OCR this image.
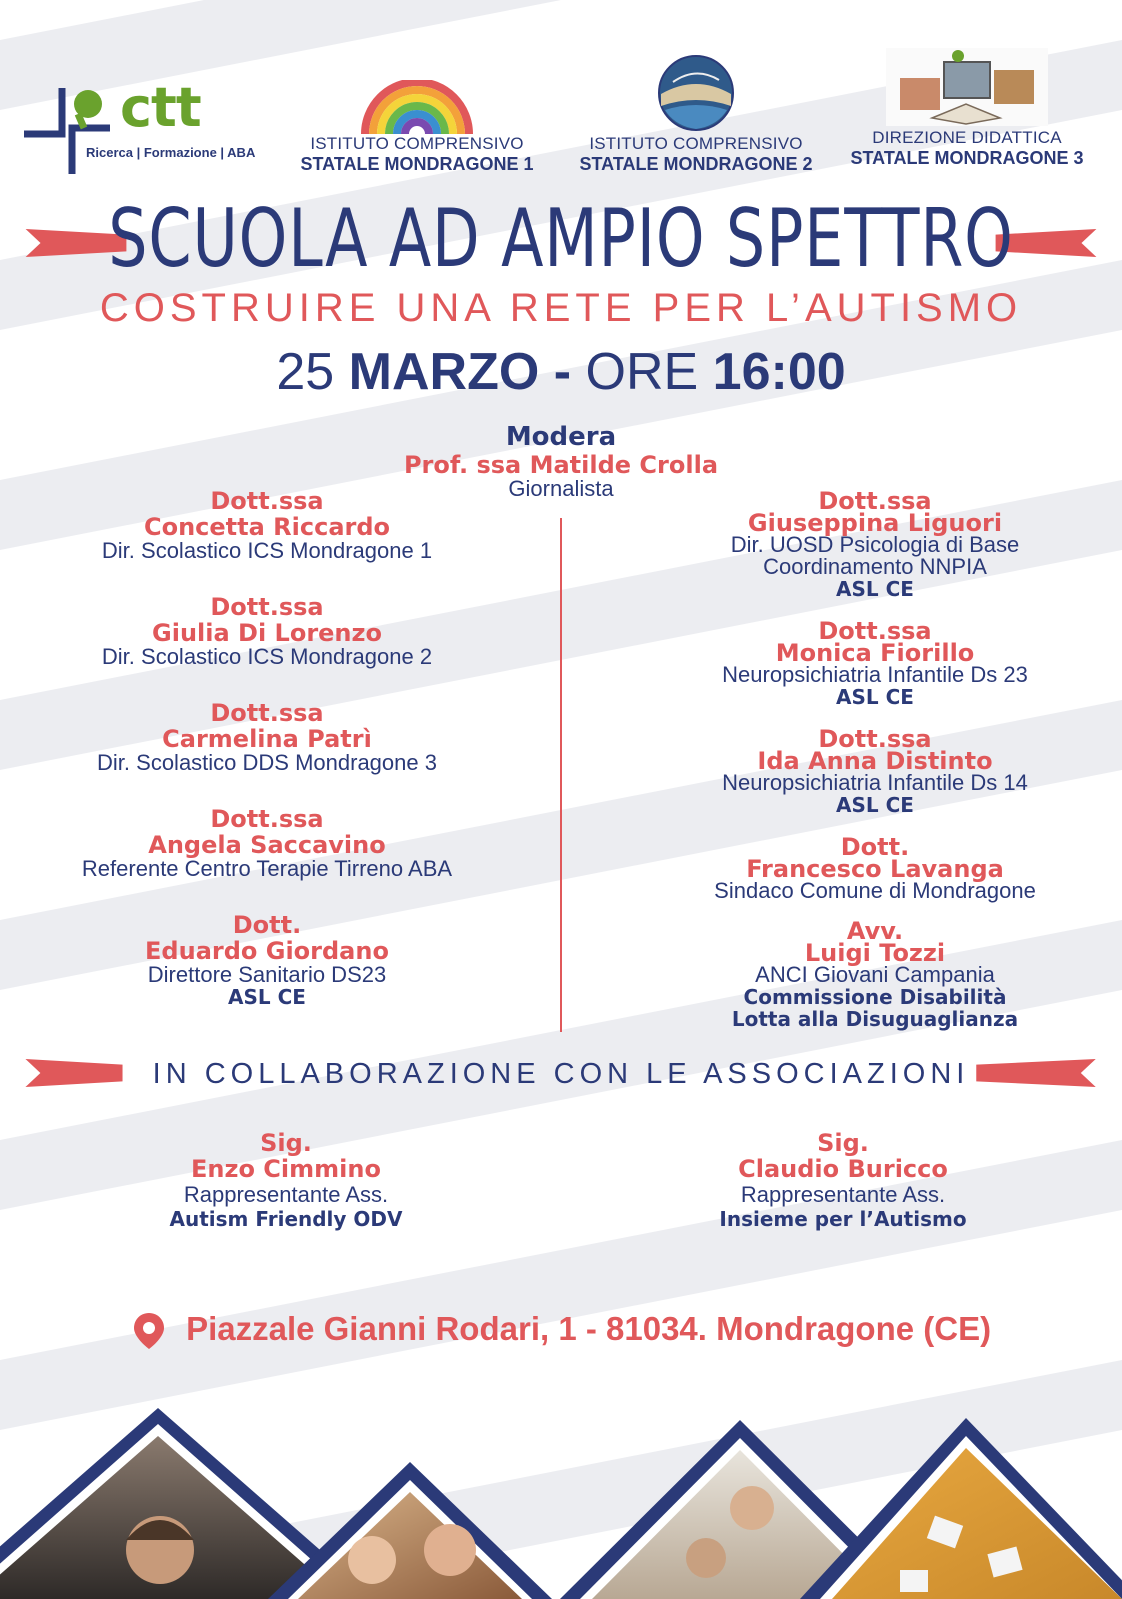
ctt
Ricerca | Formazione | ABA	ISTITUTO COMPRENSIVO
STATALE MONDRAGONE 1
ISTITUTO COMPRENSIVO
STATALE MONDRAGONE 2
DIREZIONE DIDATTICA
STATALE MONDRAGONE 3
SCUOLA AD AMPIO SPETTRO
COSTRUIRE UNA RETE PER L’AUTISMO
25 MARZO - ORE 16:00
Modera
Prof. ssa Matilde Crolla
Giornalista
Dott.ssa
Concetta Riccardo
Dir. Scolastico ICS Mondragone 1
Dott.ssa
Giulia Di Lorenzo
Dir. Scolastico ICS Mondragone 2
Dott.ssa
Carmelina Patrì
Dir. Scolastico DDS Mondragone 3
Dott.ssa
Angela Saccavino
Referente Centro Terapie Tirreno ABA
Dott.
Eduardo Giordano
Direttore Sanitario DS23
ASL CE
Dott.ssa
Giuseppina Liguori
Dir. UOSD Psicologia di Base
Coordinamento NNPIA
ASL CE
Dott.ssa
Monica Fiorillo
Neuropsichiatria Infantile Ds 23
ASL CE
Dott.ssa
Ida Anna Distinto
Neuropsichiatria Infantile Ds 14
ASL CE
Dott.
Francesco Lavanga
Sindaco Comune di Mondragone
Avv.
Luigi Tozzi
ANCI Giovani Campania
Commissione Disabilità
Lotta alla Disuguaglianza
IN COLLABORAZIONE CON LE ASSOCIAZIONI
Sig.
Enzo Cimmino
Rappresentante Ass.
Autism Friendly ODV
Sig.
Claudio Buricco
Rappresentante Ass.
Insieme per l’Autismo
Piazzale Gianni Rodari, 1 - 81034. Mondragone (CE)
